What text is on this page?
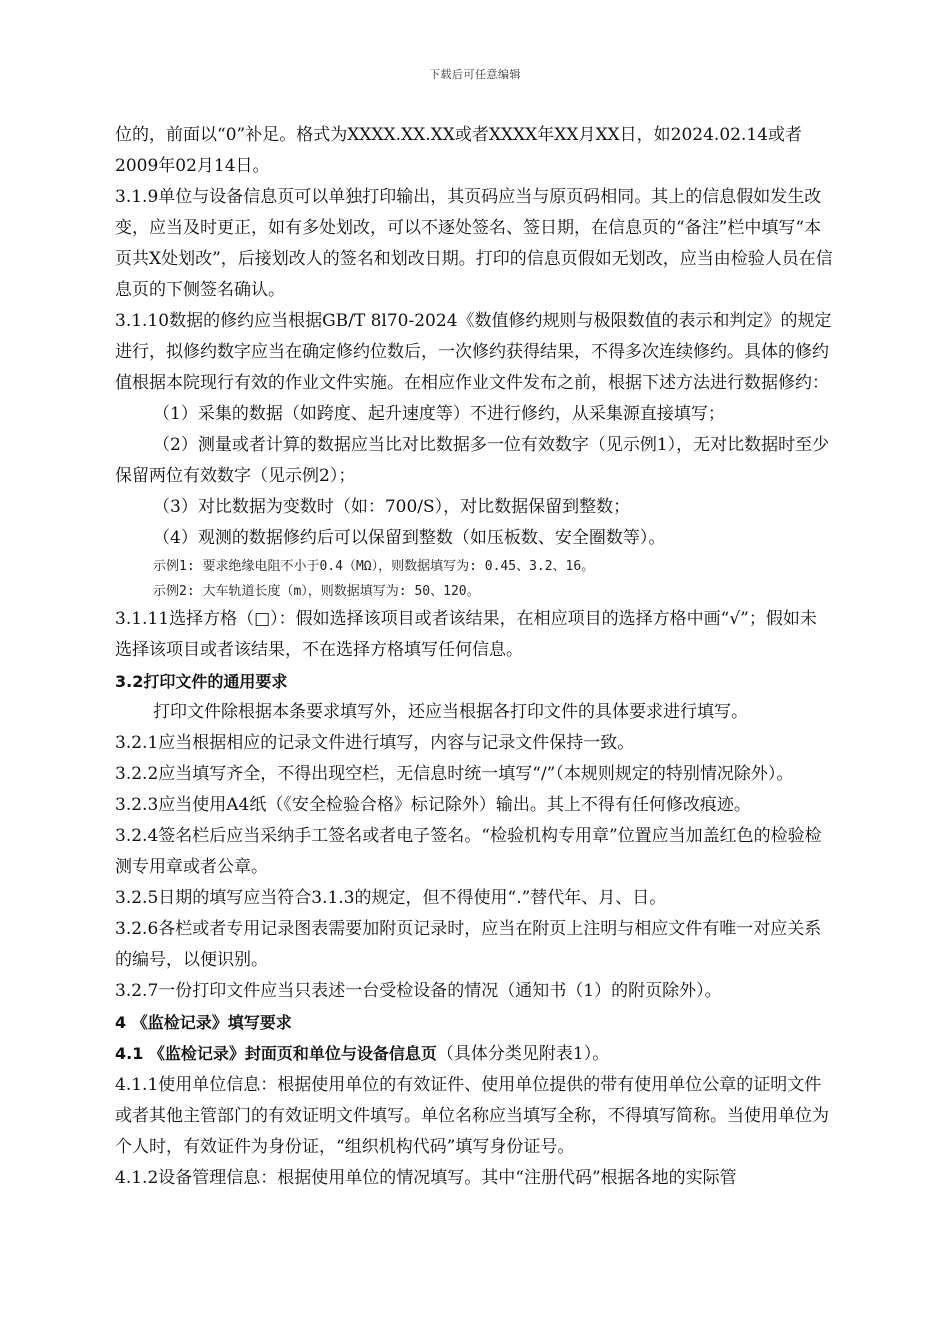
下载后可任意编辑

位的，前面以“0”补足。格式为XXXX.XX.XX或者XXXX年XX月XX日，如2024.02.14或者2009年02月14日。

3.1.9单位与设备信息页可以单独打印输出，其页码应当与原页码相同。其上的信息假如发生改变，应当及时更正，如有多处划改，可以不逐处签名、签日期，在信息页的“备注”栏中填写“本页共X处划改”，后接划改人的签名和划改日期。打印的信息页假如无划改，应当由检验人员在信息页的下侧签名确认。

3.1.10数据的修约应当根据GB/T 8l70-2024《数值修约规则与极限数值的表示和判定》的规定进行，拟修约数字应当在确定修约位数后，一次修约获得结果，不得多次连续修约。具体的修约值根据本院现行有效的作业文件实施。在相应作业文件发布之前，根据下述方法进行数据修约：

（1）采集的数据（如跨度、起升速度等）不进行修约，从采集源直接填写；

（2）测量或者计算的数据应当比对比数据多一位有效数字（见示例1），无对比数据时至少保留两位有效数字（见示例2）；

（3）对比数据为变数时（如：700/S），对比数据保留到整数；

（4）观测的数据修约后可以保留到整数（如压板数、安全圈数等）。

示例1: 要求绝缘电阻不小于0.4（MΩ），则数据填写为: 0.45、3.2、16。

示例2: 大车轨道长度（m），则数据填写为: 50、120。

3.1.11选择方格（□）：假如选择该项目或者该结果，在相应项目的选择方格中画“√”；假如未选择该项目或者该结果，不在选择方格填写任何信息。

3.2打印文件的通用要求

打印文件除根据本条要求填写外，还应当根据各打印文件的具体要求进行填写。

3.2.1应当根据相应的记录文件进行填写，内容与记录文件保持一致。

3.2.2应当填写齐全，不得出现空栏，无信息时统一填写“/”（本规则规定的特别情况除外）。

3.2.3应当使用A4纸（《安全检验合格》标记除外）输出。其上不得有任何修改痕迹。

3.2.4签名栏后应当采纳手工签名或者电子签名。“检验机构专用章”位置应当加盖红色的检验检测专用章或者公章。

3.2.5日期的填写应当符合3.1.3的规定，但不得使用“.”替代年、月、日。

3.2.6各栏或者专用记录图表需要加附页记录时，应当在附页上注明与相应文件有唯一对应关系的编号，以便识别。

3.2.7一份打印文件应当只表述一台受检设备的情况（通知书（1）的附页除外）。

4 《监检记录》填写要求

4.1 《监检记录》封面页和单位与设备信息页（具体分类见附表1）。

4.1.1使用单位信息：根据使用单位的有效证件、使用单位提供的带有使用单位公章的证明文件或者其他主管部门的有效证明文件填写。单位名称应当填写全称，不得填写简称。当使用单位为个人时，有效证件为身份证，“组织机构代码”填写身份证号。

4.1.2设备管理信息：根据使用单位的情况填写。其中“注册代码”根据各地的实际管
